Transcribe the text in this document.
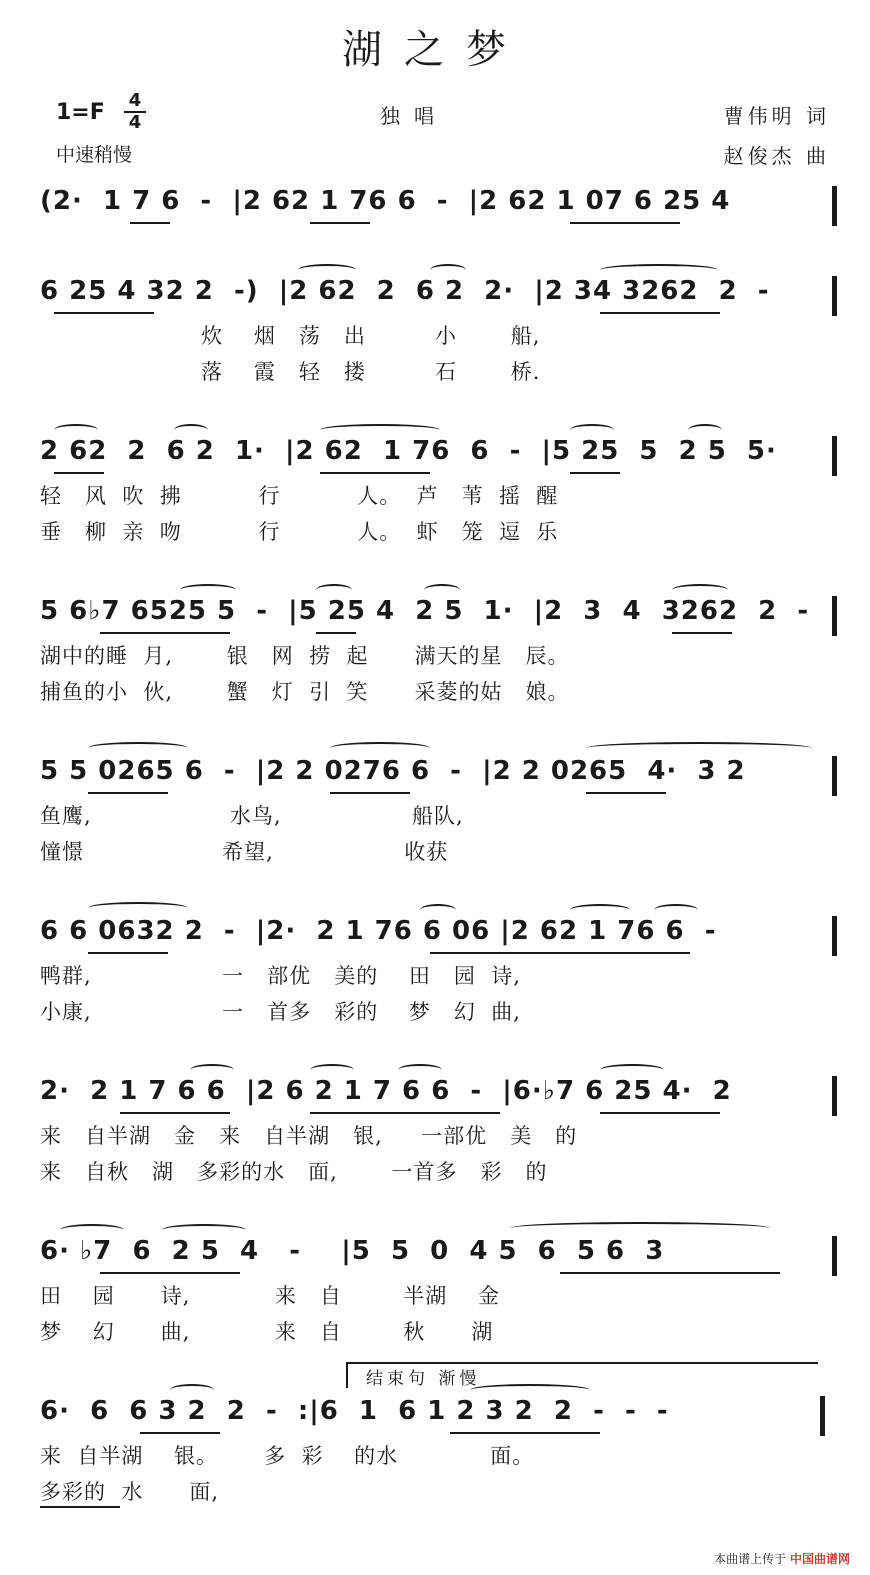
湖之梦
1=F 4
4
中速稍慢
独唱	曹伟明 词
赵俊杰 曲
(2·  1 7 6  -  |2 62 1 76 6  -  |2 62 1 07 6 25 4
6 25 4 32 2  -)  |2 62  2  6 2  2·  |2 34 3262  2  -
炊    烟   荡   出         小       船,
落    霞   轻   搂         石       桥.
2 62  2  6 2  1·  |2 62  1 76  6  -  |5 25  5  2 5  5·
轻   风  吹  拂          行          人。  芦   苇  摇  醒
垂   柳  亲  吻          行          人。  虾   笼  逗  乐
5 6♭7 6525 5  -  |5 25 4  2 5  1·  |2  3  4  3262  2  -
湖中的睡  月,       银   网  捞  起      满天的星   辰。
捕鱼的小  伙,       蟹   灯  引  笑      采菱的姑   娘。
5 5 0265 6  -  |2 2 0276 6  -  |2 2 0265  4·  3 2
鱼鹰,                  水鸟,                 船队,
憧憬                  希望,                 收获
6 6 0632 2  -  |2·  2 1 76 6 06 |2 62 1 76 6  -
鸭群,                 一   部优   美的    田   园  诗,
小康,                 一   首多   彩的    梦   幻  曲,
2·  2 1 7 6 6  |2 6 2 1 7 6 6  -  |6·♭7 6 25 4·  2
来   自半湖   金   来   自半湖   银,     一部优   美   的
来   自秋   湖   多彩的水   面,       一首多   彩   的
6· ♭7  6  2 5  4   -    |5  5  0  4 5  6  5 6  3
田    园      诗,           来   自        半湖    金
梦    幻      曲,           来   自        秋      湖
结束句 渐慢
6·  6  6 3 2  2  -  :|6  1  6 1 2 3 2  2  -  -  -
来  自半湖    银。      多  彩    的水            面。
多彩的  水      面,
本曲谱上传于 中国曲谱网
